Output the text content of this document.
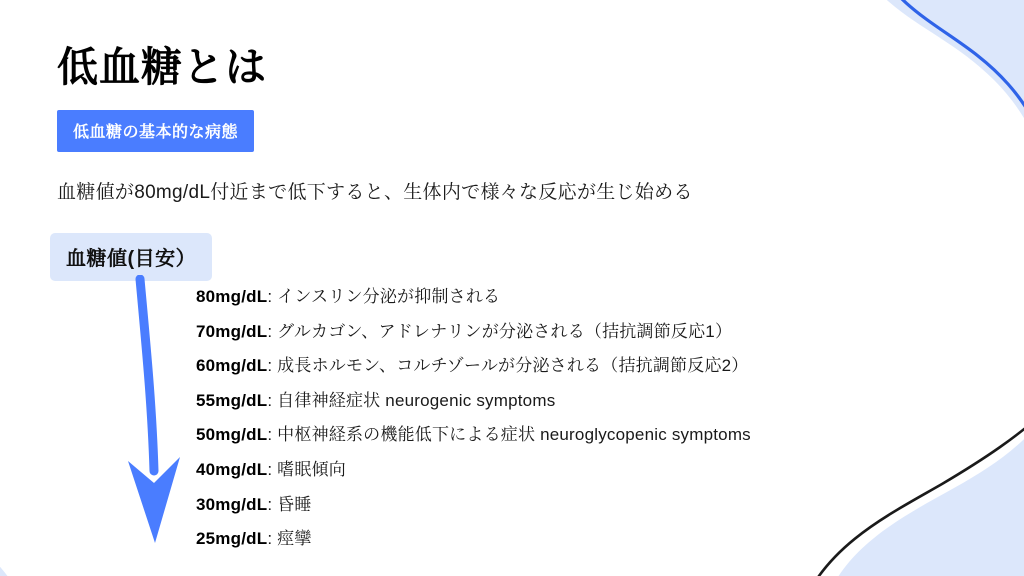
低血糖とは
低血糖の基本的な病態
血糖値が80mg/dL付近まで低下すると、生体内で様々な反応が生じ始める
血糖値(目安）
80mg/dL: インスリン分泌が抑制される
70mg/dL: グルカゴン、アドレナリンが分泌される（拮抗調節反応1）
60mg/dL: 成長ホルモン、コルチゾールが分泌される（拮抗調節反応2）
55mg/dL: 自律神経症状 neurogenic symptoms
50mg/dL: 中枢神経系の機能低下による症状 neuroglycopenic symptoms
40mg/dL: 嗜眠傾向
30mg/dL: 昏睡
25mg/dL: 痙攣
